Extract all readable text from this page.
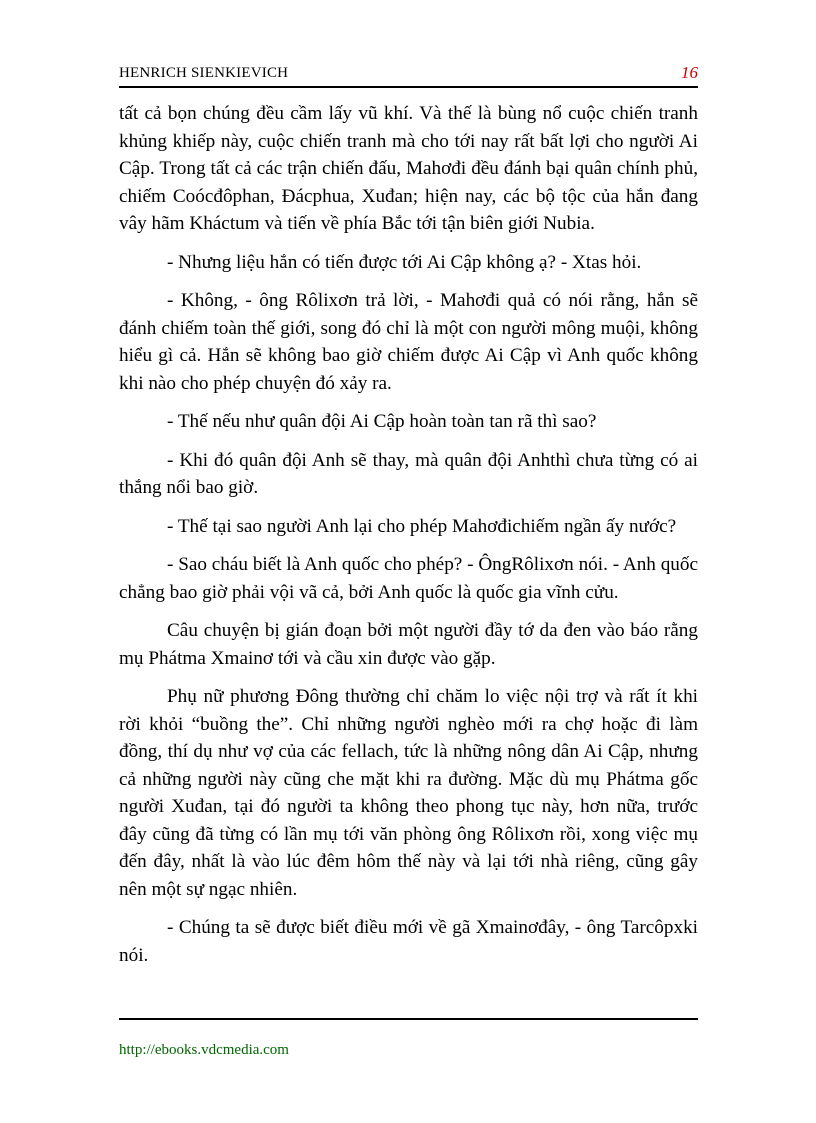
HENRICH SIENKIEVICH	16

tất cả bọn chúng đều cầm lấy vũ khí. Và thế là bùng nổ cuộc chiến tranh khủng khiếp này, cuộc chiến tranh mà cho tới nay rất bất lợi cho người Ai Cập. Trong tất cả các trận chiến đấu, Mahơđi đều đánh bại quân chính phủ, chiếm Coócđôphan, Đácphua, Xuđan; hiện nay, các bộ tộc của hắn đang vây hãm Kháctum và tiến về phía Bắc tới tận biên giới Nubia.

- Nhưng liệu hắn có tiến được tới Ai Cập không ạ? - Xtas hỏi.

- Không, - ông Rôlixơn trả lời, - Mahơđi quả có nói rằng, hắn sẽ đánh chiếm toàn thế giới, song đó chỉ là một con người mông muội, không hiểu gì cả. Hắn sẽ không bao giờ chiếm được Ai Cập vì Anh quốc không khi nào cho phép chuyện đó xảy ra.

- Thế nếu như quân đội Ai Cập hoàn toàn tan rã thì sao?

- Khi đó quân đội Anh sẽ thay, mà quân đội Anhthì chưa từng có ai thắng nổi bao giờ.

- Thế tại sao người Anh lại cho phép Mahơđichiếm ngần ấy nước?

- Sao cháu biết là Anh quốc cho phép? - ÔngRôlixơn nói. - Anh quốc chẳng bao giờ phải vội vã cả, bởi Anh quốc là quốc gia vĩnh cửu.

Câu chuyện bị gián đoạn bởi một người đầy tớ da đen vào báo rằng mụ Phátma Xmainơ tới và cầu xin được vào gặp.

Phụ nữ phương Đông thường chỉ chăm lo việc nội trợ và rất ít khi rời khỏi “buồng the”. Chỉ những người nghèo mới ra chợ hoặc đi làm đồng, thí dụ như vợ của các fellach, tức là những nông dân Ai Cập, nhưng cả những người này cũng che mặt khi ra đường. Mặc dù mụ Phátma gốc người Xuđan, tại đó người ta không theo phong tục này, hơn nữa, trước đây cũng đã từng có lần mụ tới văn phòng ông Rôlixơn rồi, xong việc mụ đến đây, nhất là vào lúc đêm hôm thế này và lại tới nhà riêng, cũng gây nên một sự ngạc nhiên.

- Chúng ta sẽ được biết điều mới về gã Xmainơđây, - ông Tarcôpxki nói.

http://ebooks.vdcmedia.com
